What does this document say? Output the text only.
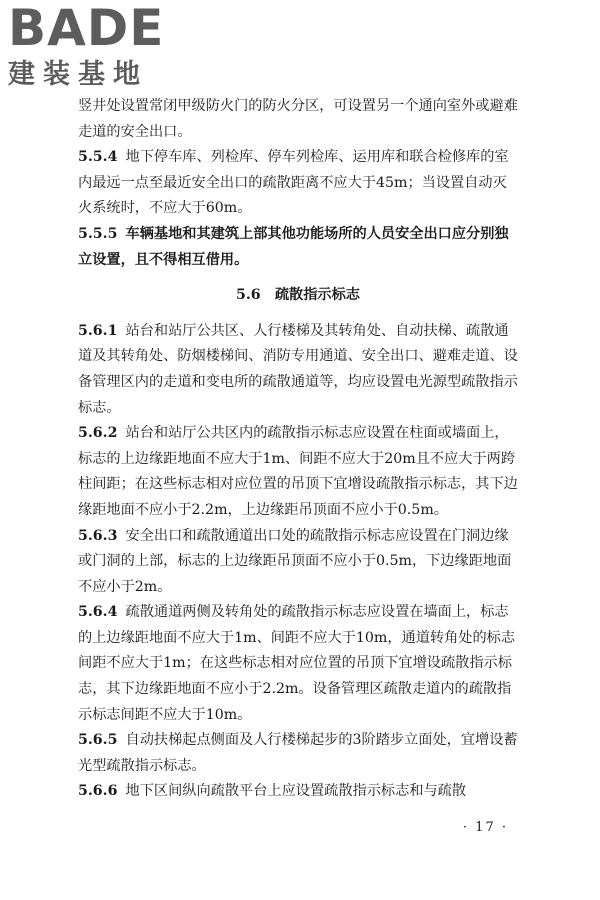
BADE
建装基地

竖井处设置常闭甲级防火门的防火分区，可设置另一个通向室外或避难走道的安全出口。

5.5.4 地下停车库、列检库、停车列检库、运用库和联合检修库的室内最远一点至最近安全出口的疏散距离不应大于45m；当设置自动灭火系统时，不应大于60m。

5.5.5 车辆基地和其建筑上部其他功能场所的人员安全出口应分别独立设置，且不得相互借用。

5.6　疏散指示标志

5.6.1 站台和站厅公共区、人行楼梯及其转角处、自动扶梯、疏散通道及其转角处、防烟楼梯间、消防专用通道、安全出口、避难走道、设备管理区内的走道和变电所的疏散通道等，均应设置电光源型疏散指示标志。

5.6.2 站台和站厅公共区内的疏散指示标志应设置在柱面或墙面上，标志的上边缘距地面不应大于1m、间距不应大于20m且不应大于两跨柱间距；在这些标志相对应位置的吊顶下宜增设疏散指示标志，其下边缘距地面不应小于2.2m，上边缘距吊顶面不应小于0.5m。

5.6.3 安全出口和疏散通道出口处的疏散指示标志应设置在门洞边缘或门洞的上部，标志的上边缘距吊顶面不应小于0.5m，下边缘距地面不应小于2m。

5.6.4 疏散通道两侧及转角处的疏散指示标志应设置在墙面上，标志的上边缘距地面不应大于1m、间距不应大于10m，通道转角处的标志间距不应大于1m；在这些标志相对应位置的吊顶下宜增设疏散指示标志，其下边缘距地面不应小于2.2m。设备管理区疏散走道内的疏散指示标志间距不应大于10m。

5.6.5 自动扶梯起点侧面及人行楼梯起步的3阶踏步立面处，宜增设蓄光型疏散指示标志。

5.6.6 地下区间纵向疏散平台上应设置疏散指示标志和与疏散

· 17 ·
